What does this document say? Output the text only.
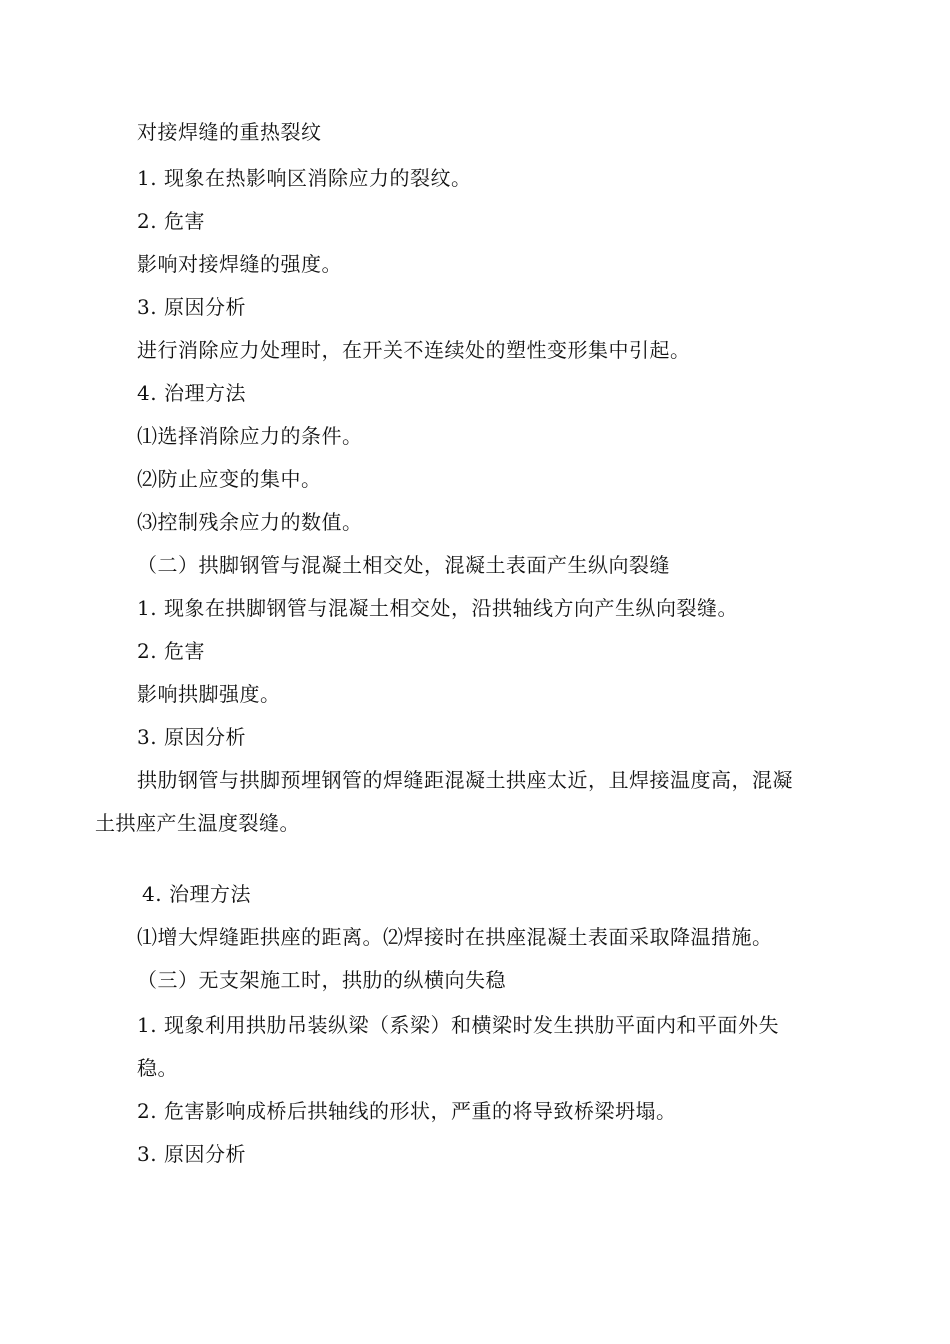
对接焊缝的重热裂纹
1. 现象在热影响区消除应力的裂纹。
2. 危害
影响对接焊缝的强度。
3. 原因分析
进行消除应力处理时，在开关不连续处的塑性变形集中引起。
4. 治理方法
⑴选择消除应力的条件。
⑵防止应变的集中。
⑶控制残余应力的数值。
（二）拱脚钢管与混凝土相交处，混凝土表面产生纵向裂缝
1. 现象在拱脚钢管与混凝土相交处，沿拱轴线方向产生纵向裂缝。
2. 危害
影响拱脚强度。
3. 原因分析
拱肋钢管与拱脚预埋钢管的焊缝距混凝土拱座太近，且焊接温度高，混凝
土拱座产生温度裂缝。
4. 治理方法
⑴增大焊缝距拱座的距离。⑵焊接时在拱座混凝土表面采取降温措施。
（三）无支架施工时，拱肋的纵横向失稳
1. 现象利用拱肋吊装纵梁（系梁）和横梁时发生拱肋平面内和平面外失
稳。
2. 危害影响成桥后拱轴线的形状，严重的将导致桥梁坍塌。
3. 原因分析
